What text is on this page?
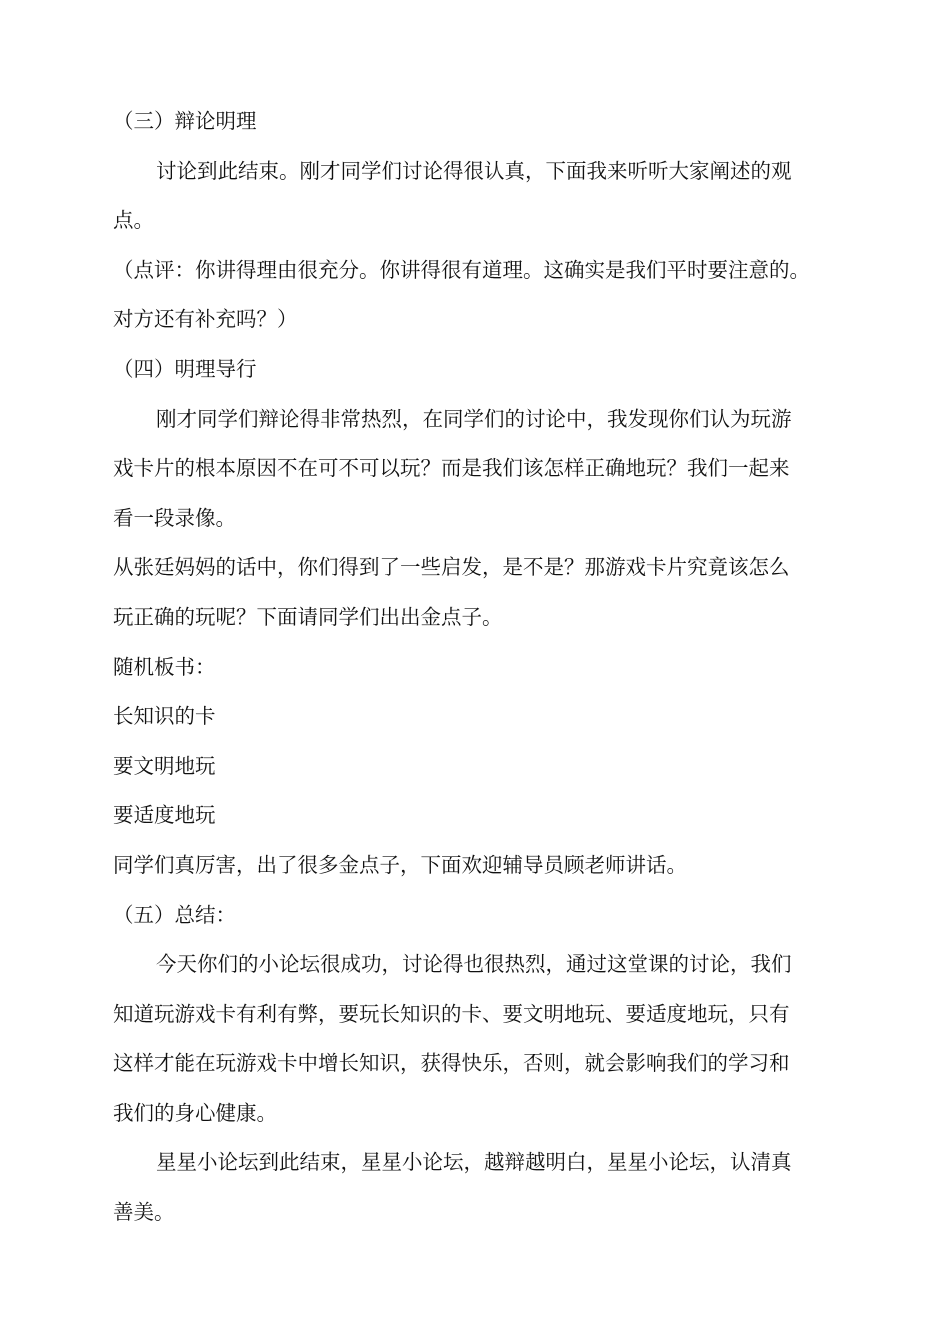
（三）辩论明理
讨论到此结束。刚才同学们讨论得很认真，下面我来听听大家阐述的观
点。
（点评：你讲得理由很充分。你讲得很有道理。这确实是我们平时要注意的。
对方还有补充吗？）
（四）明理导行
刚才同学们辩论得非常热烈，在同学们的讨论中，我发现你们认为玩游
戏卡片的根本原因不在可不可以玩？而是我们该怎样正确地玩？我们一起来
看一段录像。
从张廷妈妈的话中，你们得到了一些启发，是不是？那游戏卡片究竟该怎么
玩正确的玩呢？下面请同学们出出金点子。
随机板书：
长知识的卡
要文明地玩
要适度地玩
同学们真厉害，出了很多金点子，下面欢迎辅导员顾老师讲话。
（五）总结：
今天你们的小论坛很成功，讨论得也很热烈，通过这堂课的讨论，我们
知道玩游戏卡有利有弊，要玩长知识的卡、要文明地玩、要适度地玩，只有
这样才能在玩游戏卡中增长知识，获得快乐，否则，就会影响我们的学习和
我们的身心健康。
星星小论坛到此结束，星星小论坛，越辩越明白，星星小论坛，认清真
善美。
